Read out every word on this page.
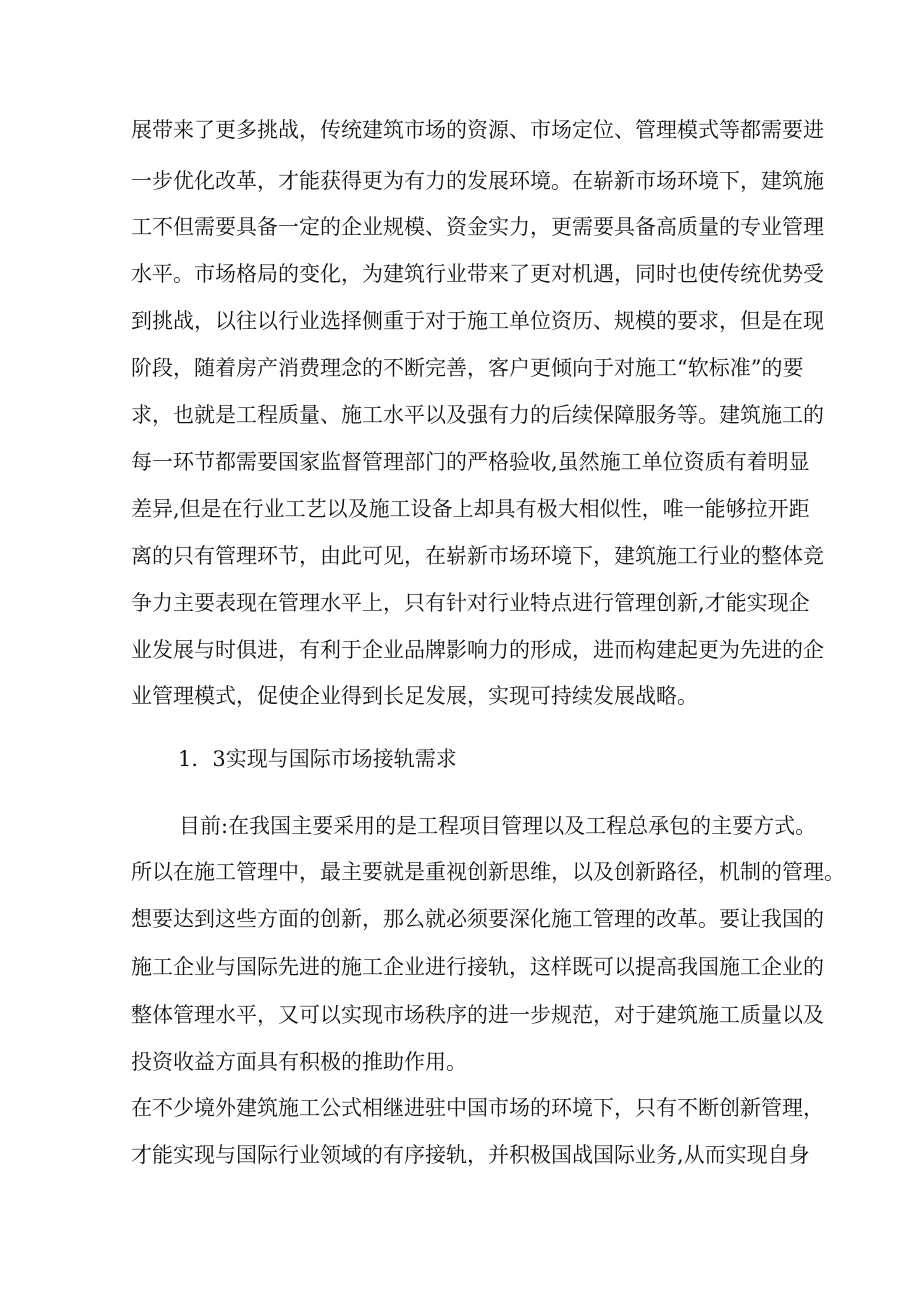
展带来了更多挑战，传统建筑市场的资源、市场定位、管理模式等都需要进
一步优化改革，才能获得更为有力的发展环境。在崭新市场环境下，建筑施
工不但需要具备一定的企业规模、资金实力，更需要具备高质量的专业管理
水平。市场格局的变化，为建筑行业带来了更对机遇，同时也使传统优势受
到挑战，以往以行业选择侧重于对于施工单位资历、规模的要求，但是在现
阶段，随着房产消费理念的不断完善，客户更倾向于对施工“软标准”的要
求，也就是工程质量、施工水平以及强有力的后续保障服务等。建筑施工的
每一环节都需要国家监督管理部门的严格验收,虽然施工单位资质有着明显
差异,但是在行业工艺以及施工设备上却具有极大相似性，唯一能够拉开距
离的只有管理环节，由此可见，在崭新市场环境下，建筑施工行业的整体竞
争力主要表现在管理水平上，只有针对行业特点进行管理创新,才能实现企
业发展与时俱进，有利于企业品牌影响力的形成，进而构建起更为先进的企
业管理模式，促使企业得到长足发展，实现可持续发展战略。
1．3实现与国际市场接轨需求
目前:在我国主要采用的是工程项目管理以及工程总承包的主要方式。
所以在施工管理中，最主要就是重视创新思维，以及创新路径，机制的管理。
想要达到这些方面的创新，那么就必须要深化施工管理的改革。要让我国的
施工企业与国际先进的施工企业进行接轨，这样既可以提高我国施工企业的
整体管理水平，又可以实现市场秩序的进一步规范，对于建筑施工质量以及
投资收益方面具有积极的推助作用。
在不少境外建筑施工公式相继进驻中国市场的环境下，只有不断创新管理，
才能实现与国际行业领域的有序接轨，并积极国战国际业务,从而实现自身
